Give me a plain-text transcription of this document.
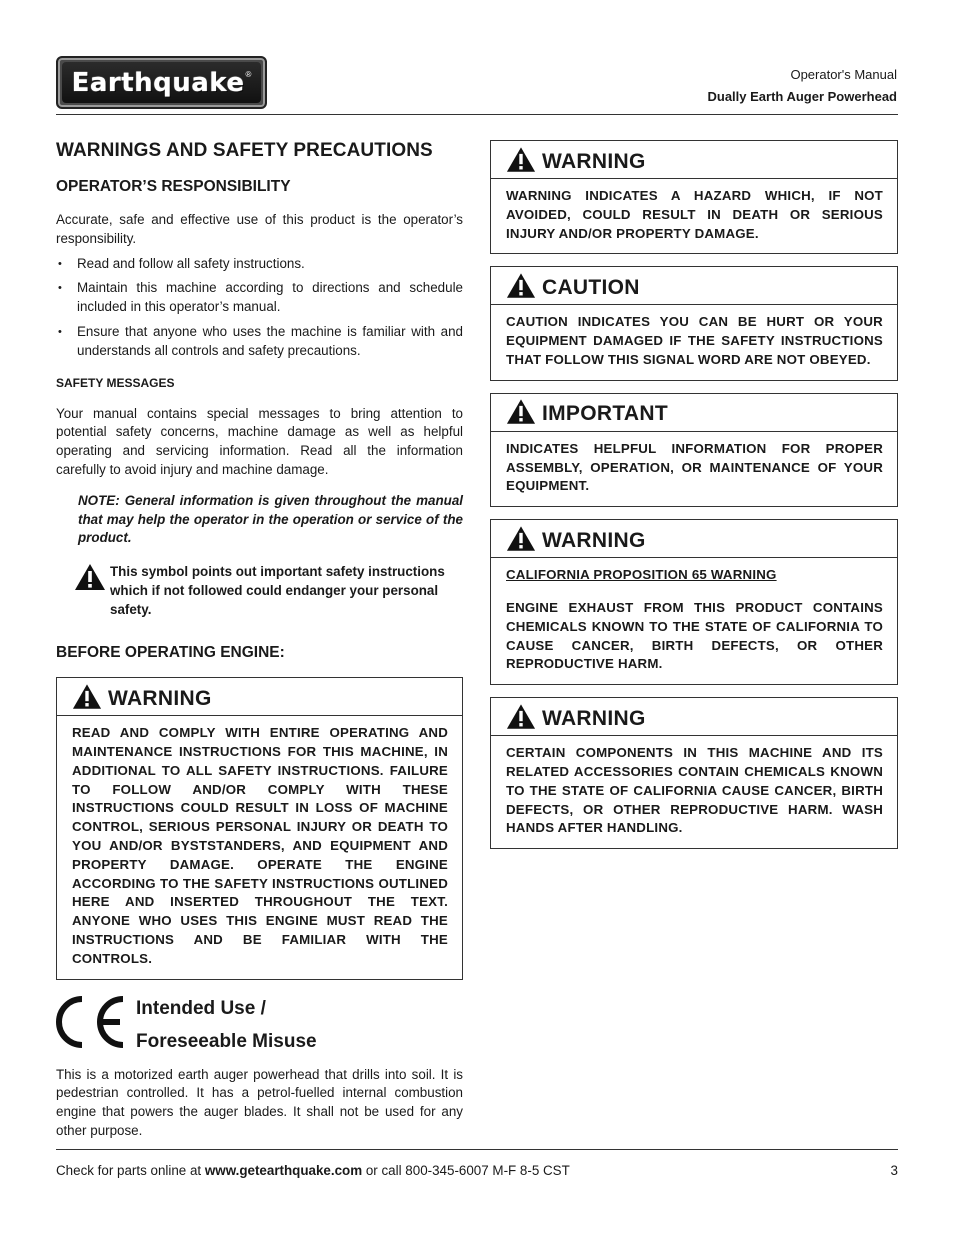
Earthquake ®	Operator's Manual
Dually Earth Auger Powerhead
WARNINGS AND SAFETY PRECAUTIONS
OPERATOR’S RESPONSIBILITY

Accurate, safe and effective use of this product is the operator’s responsibility.

• Read and follow all safety instructions.
• Maintain this machine according to directions and schedule included in this operator’s manual.
• Ensure that anyone who uses the machine is familiar with and understands all controls and safety precautions.
SAFETY MESSAGES

Your manual contains special messages to bring attention to potential safety concerns, machine damage as well as helpful operating and servicing information. Read all the information carefully to avoid injury and machine damage.

NOTE: General information is given throughout the manual that may help the operator in the operation or service of the product.

This symbol points out important safety instructions which if not followed could endanger your personal safety.
BEFORE OPERATING ENGINE:
WARNING
READ AND COMPLY WITH ENTIRE OPERATING AND MAINTENANCE INSTRUCTIONS FOR THIS MACHINE, IN ADDITIONAL TO ALL SAFETY INSTRUCTIONS. FAILURE TO FOLLOW AND/OR COMPLY WITH THESE INSTRUCTIONS COULD RESULT IN LOSS OF MACHINE CONTROL, SERIOUS PERSONAL INJURY OR DEATH TO YOU AND/OR BYSTSTANDERS, AND EQUIPMENT AND PROPERTY DAMAGE. OPERATE THE ENGINE ACCORDING TO THE SAFETY INSTRUCTIONS OUTLINED HERE AND INSERTED THROUGHOUT THE TEXT. ANYONE WHO USES THIS ENGINE MUST READ THE INSTRUCTIONS AND BE FAMILIAR WITH THE CONTROLS.
Intended Use /
Foreseeable Misuse

This is a motorized earth auger powerhead that drills into soil. It is pedestrian controlled. It has a petrol-fuelled internal combustion engine that powers the auger blades. It shall not be used for any other purpose.

WARNING
WARNING INDICATES A HAZARD WHICH, IF NOT AVOIDED, COULD RESULT IN DEATH OR SERIOUS INJURY AND/OR PROPERTY DAMAGE.
CAUTION
CAUTION INDICATES YOU CAN BE HURT OR YOUR EQUIPMENT DAMAGED IF THE SAFETY INSTRUCTIONS THAT FOLLOW THIS SIGNAL WORD ARE NOT OBEYED.
IMPORTANT
INDICATES HELPFUL INFORMATION FOR PROPER ASSEMBLY, OPERATION, OR MAINTENANCE OF YOUR EQUIPMENT.
WARNING
CALIFORNIA PROPOSITION 65 WARNING
ENGINE EXHAUST FROM THIS PRODUCT CONTAINS CHEMICALS KNOWN TO THE STATE OF CALIFORNIA TO CAUSE CANCER, BIRTH DEFECTS, OR OTHER REPRODUCTIVE HARM.
WARNING
CERTAIN COMPONENTS IN THIS MACHINE AND ITS RELATED ACCESSORIES CONTAIN CHEMICALS KNOWN TO THE STATE OF CALIFORNIA CAUSE CANCER, BIRTH DEFECTS, OR OTHER REPRODUCTIVE HARM. WASH HANDS AFTER HANDLING.
Check for parts online at www.getearthquake.com or call 800-345-6007 M-F 8-5 CST	3
